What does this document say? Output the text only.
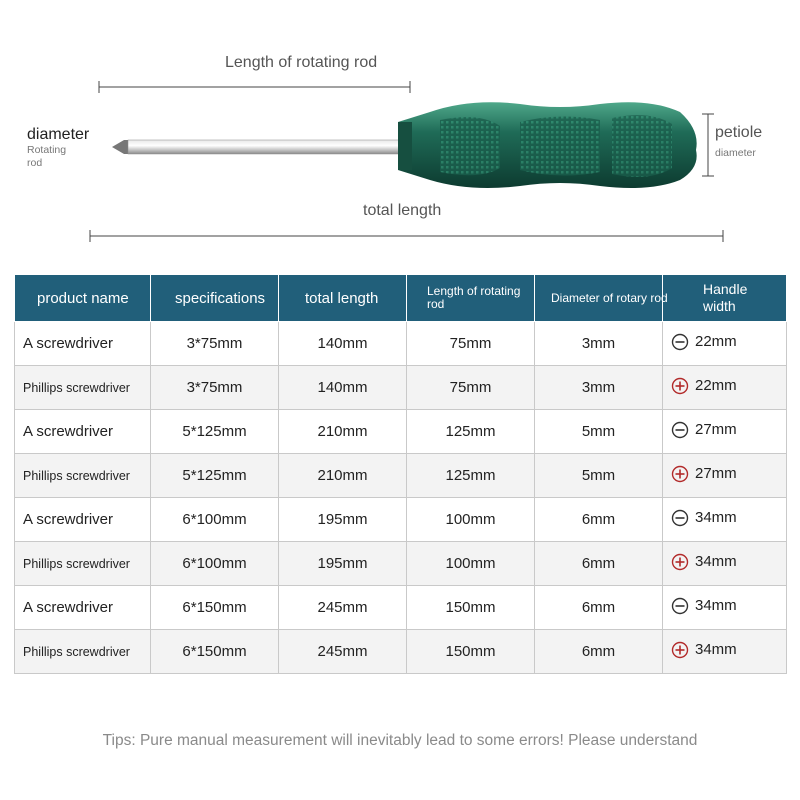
Length of rotating rod
diameter
Rotating
rod
petiole
diameter
total length
product name	specifications	total length	Length of rotating rod	Diameter of rotary rod	Handle width
A screwdriver	3*75mm	140mm	75mm	3mm	22mm

Phillips screwdriver	3*75mm	140mm	75mm	3mm	22mm

A screwdriver	5*125mm	210mm	125mm	5mm	27mm

Phillips screwdriver	5*125mm	210mm	125mm	5mm	27mm

A screwdriver	6*100mm	195mm	100mm	6mm	34mm

Phillips screwdriver	6*100mm	195mm	100mm	6mm	34mm

A screwdriver	6*150mm	245mm	150mm	6mm	34mm

Phillips screwdriver	6*150mm	245mm	150mm	6mm	34mm
Tips: Pure manual measurement will inevitably lead to some errors! Please understand
